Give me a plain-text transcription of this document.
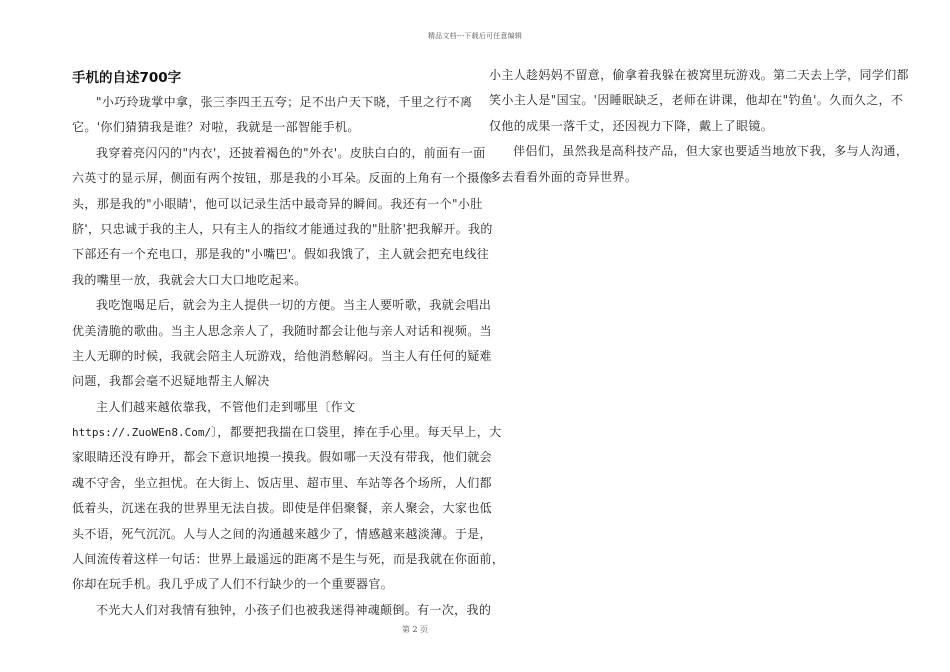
精品文档---下载后可任意编辑
手机的自述700字
"小巧玲珑掌中拿，张三李四王五夸；足不出户天下晓，千里之行不离
它。'你们猜猜我是谁？对啦，我就是一部智能手机。
我穿着亮闪闪的"内衣'，还披着褐色的"外衣'。皮肤白白的，前面有一面
六英寸的显示屏，侧面有两个按钮，那是我的小耳朵。反面的上角有一个摄像
头，那是我的"小眼睛'，他可以记录生活中最奇异的瞬间。我还有一个"小肚
脐'，只忠诚于我的主人，只有主人的指纹才能通过我的"肚脐'把我解开。我的
下部还有一个充电口，那是我的"小嘴巴'。假如我饿了，主人就会把充电线往
我的嘴里一放，我就会大口大口地吃起来。
我吃饱喝足后，就会为主人提供一切的方便。当主人要听歌，我就会唱出
优美清脆的歌曲。当主人思念亲人了，我随时都会让他与亲人对话和视频。当
主人无聊的时候，我就会陪主人玩游戏，给他消愁解闷。当主人有任何的疑难
问题，我都会毫不迟疑地帮主人解决
主人们越来越依靠我，不管他们走到哪里〔作文
https://.ZuoWEn8.Com/〕，都要把我揣在口袋里，捧在手心里。每天早上，大
家眼睛还没有睁开，都会下意识地摸一摸我。假如哪一天没有带我，他们就会
魂不守舍，坐立担忧。在大街上、饭店里、超市里、车站等各个场所，人们都
低着头，沉迷在我的世界里无法自拔。即使是伴侣聚餐，亲人聚会，大家也低
头不语，死气沉沉。人与人之间的沟通越来越少了，情感越来越淡薄。于是，
人间流传着这样一句话：世界上最遥远的距离不是生与死，而是我就在你面前，
你却在玩手机。我几乎成了人们不行缺少的一个重要器官。
不光大人们对我情有独钟，小孩子们也被我迷得神魂颠倒。有一次，我的
小主人趁妈妈不留意，偷拿着我躲在被窝里玩游戏。第二天去上学，同学们都
笑小主人是"国宝。'因睡眠缺乏，老师在讲课，他却在"钓鱼'。久而久之，不
仅他的成果一落千丈，还因视力下降，戴上了眼镜。
伴侣们，虽然我是高科技产品，但大家也要适当地放下我，多与人沟通，
多去看看外面的奇异世界。
第 2 页
